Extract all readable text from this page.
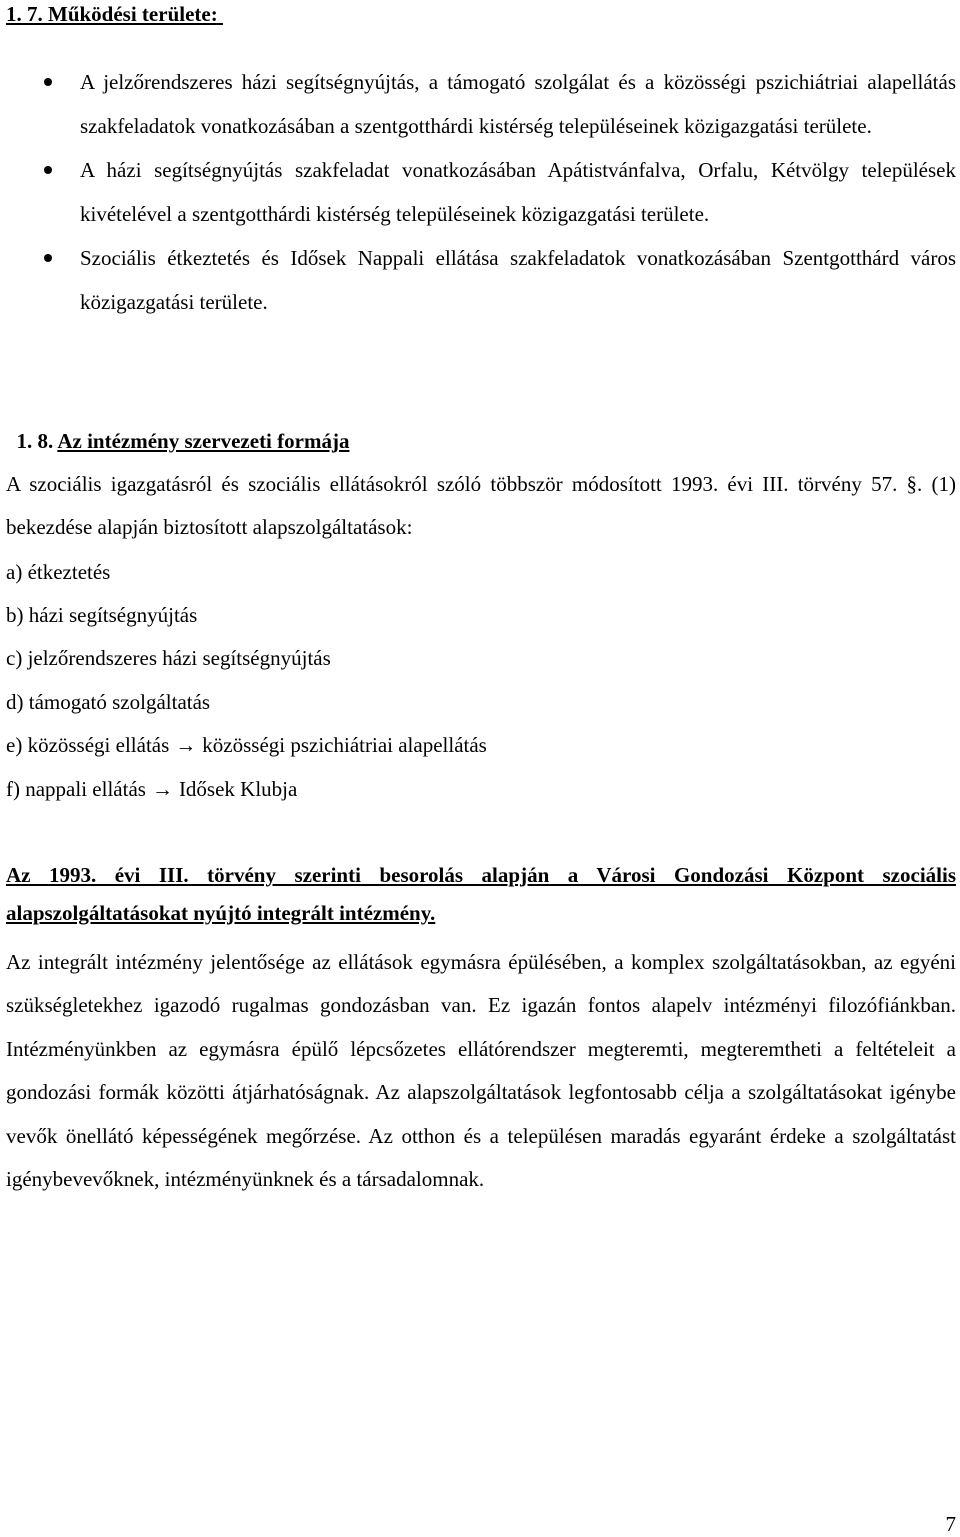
1. 7. Működési területe:
A jelzőrendszeres házi segítségnyújtás, a támogató szolgálat és a közösségi pszichiátriai alapellátás szakfeladatok vonatkozásában a szentgotthárdi kistérség településeinek közigazgatási területe.
A házi segítségnyújtás szakfeladat vonatkozásában Apátistvánfalva, Orfalu, Kétvölgy települések kivételével a szentgotthárdi kistérség településeinek közigazgatási területe.
Szociális étkeztetés és Idősek Nappali ellátása szakfeladatok vonatkozásában Szentgotthárd város közigazgatási területe.

1. 8. Az intézmény szervezeti formája

A szociális igazgatásról és szociális ellátásokról szóló többször módosított 1993. évi III. törvény 57. §. (1) bekezdése alapján biztosított alapszolgáltatások:
a) étkeztetés
b) házi segítségnyújtás
c) jelzőrendszeres házi segítségnyújtás
d) támogató szolgáltatás
e) közösségi ellátás → közösségi pszichiátriai alapellátás
f) nappali ellátás → Idősek Klubja
Az 1993. évi III. törvény szerinti besorolás alapján a Városi Gondozási Központ szociális alapszolgáltatásokat nyújtó integrált intézmény.
Az integrált intézmény jelentősége az ellátások egymásra épülésében, a komplex szolgáltatásokban, az egyéni szükségletekhez igazodó rugalmas gondozásban van. Ez igazán fontos alapelv intézményi filozófiánkban. Intézményünkben az egymásra épülő lépcsőzetes ellátórendszer megteremti, megteremtheti a feltételeit a gondozási formák közötti átjárhatóságnak. Az alapszolgáltatások legfontosabb célja a szolgáltatásokat igénybe vevők önellátó képességének megőrzése. Az otthon és a településen maradás egyaránt érdeke a szolgáltatást igénybevevőknek, intézményünknek és a társadalomnak.
7
